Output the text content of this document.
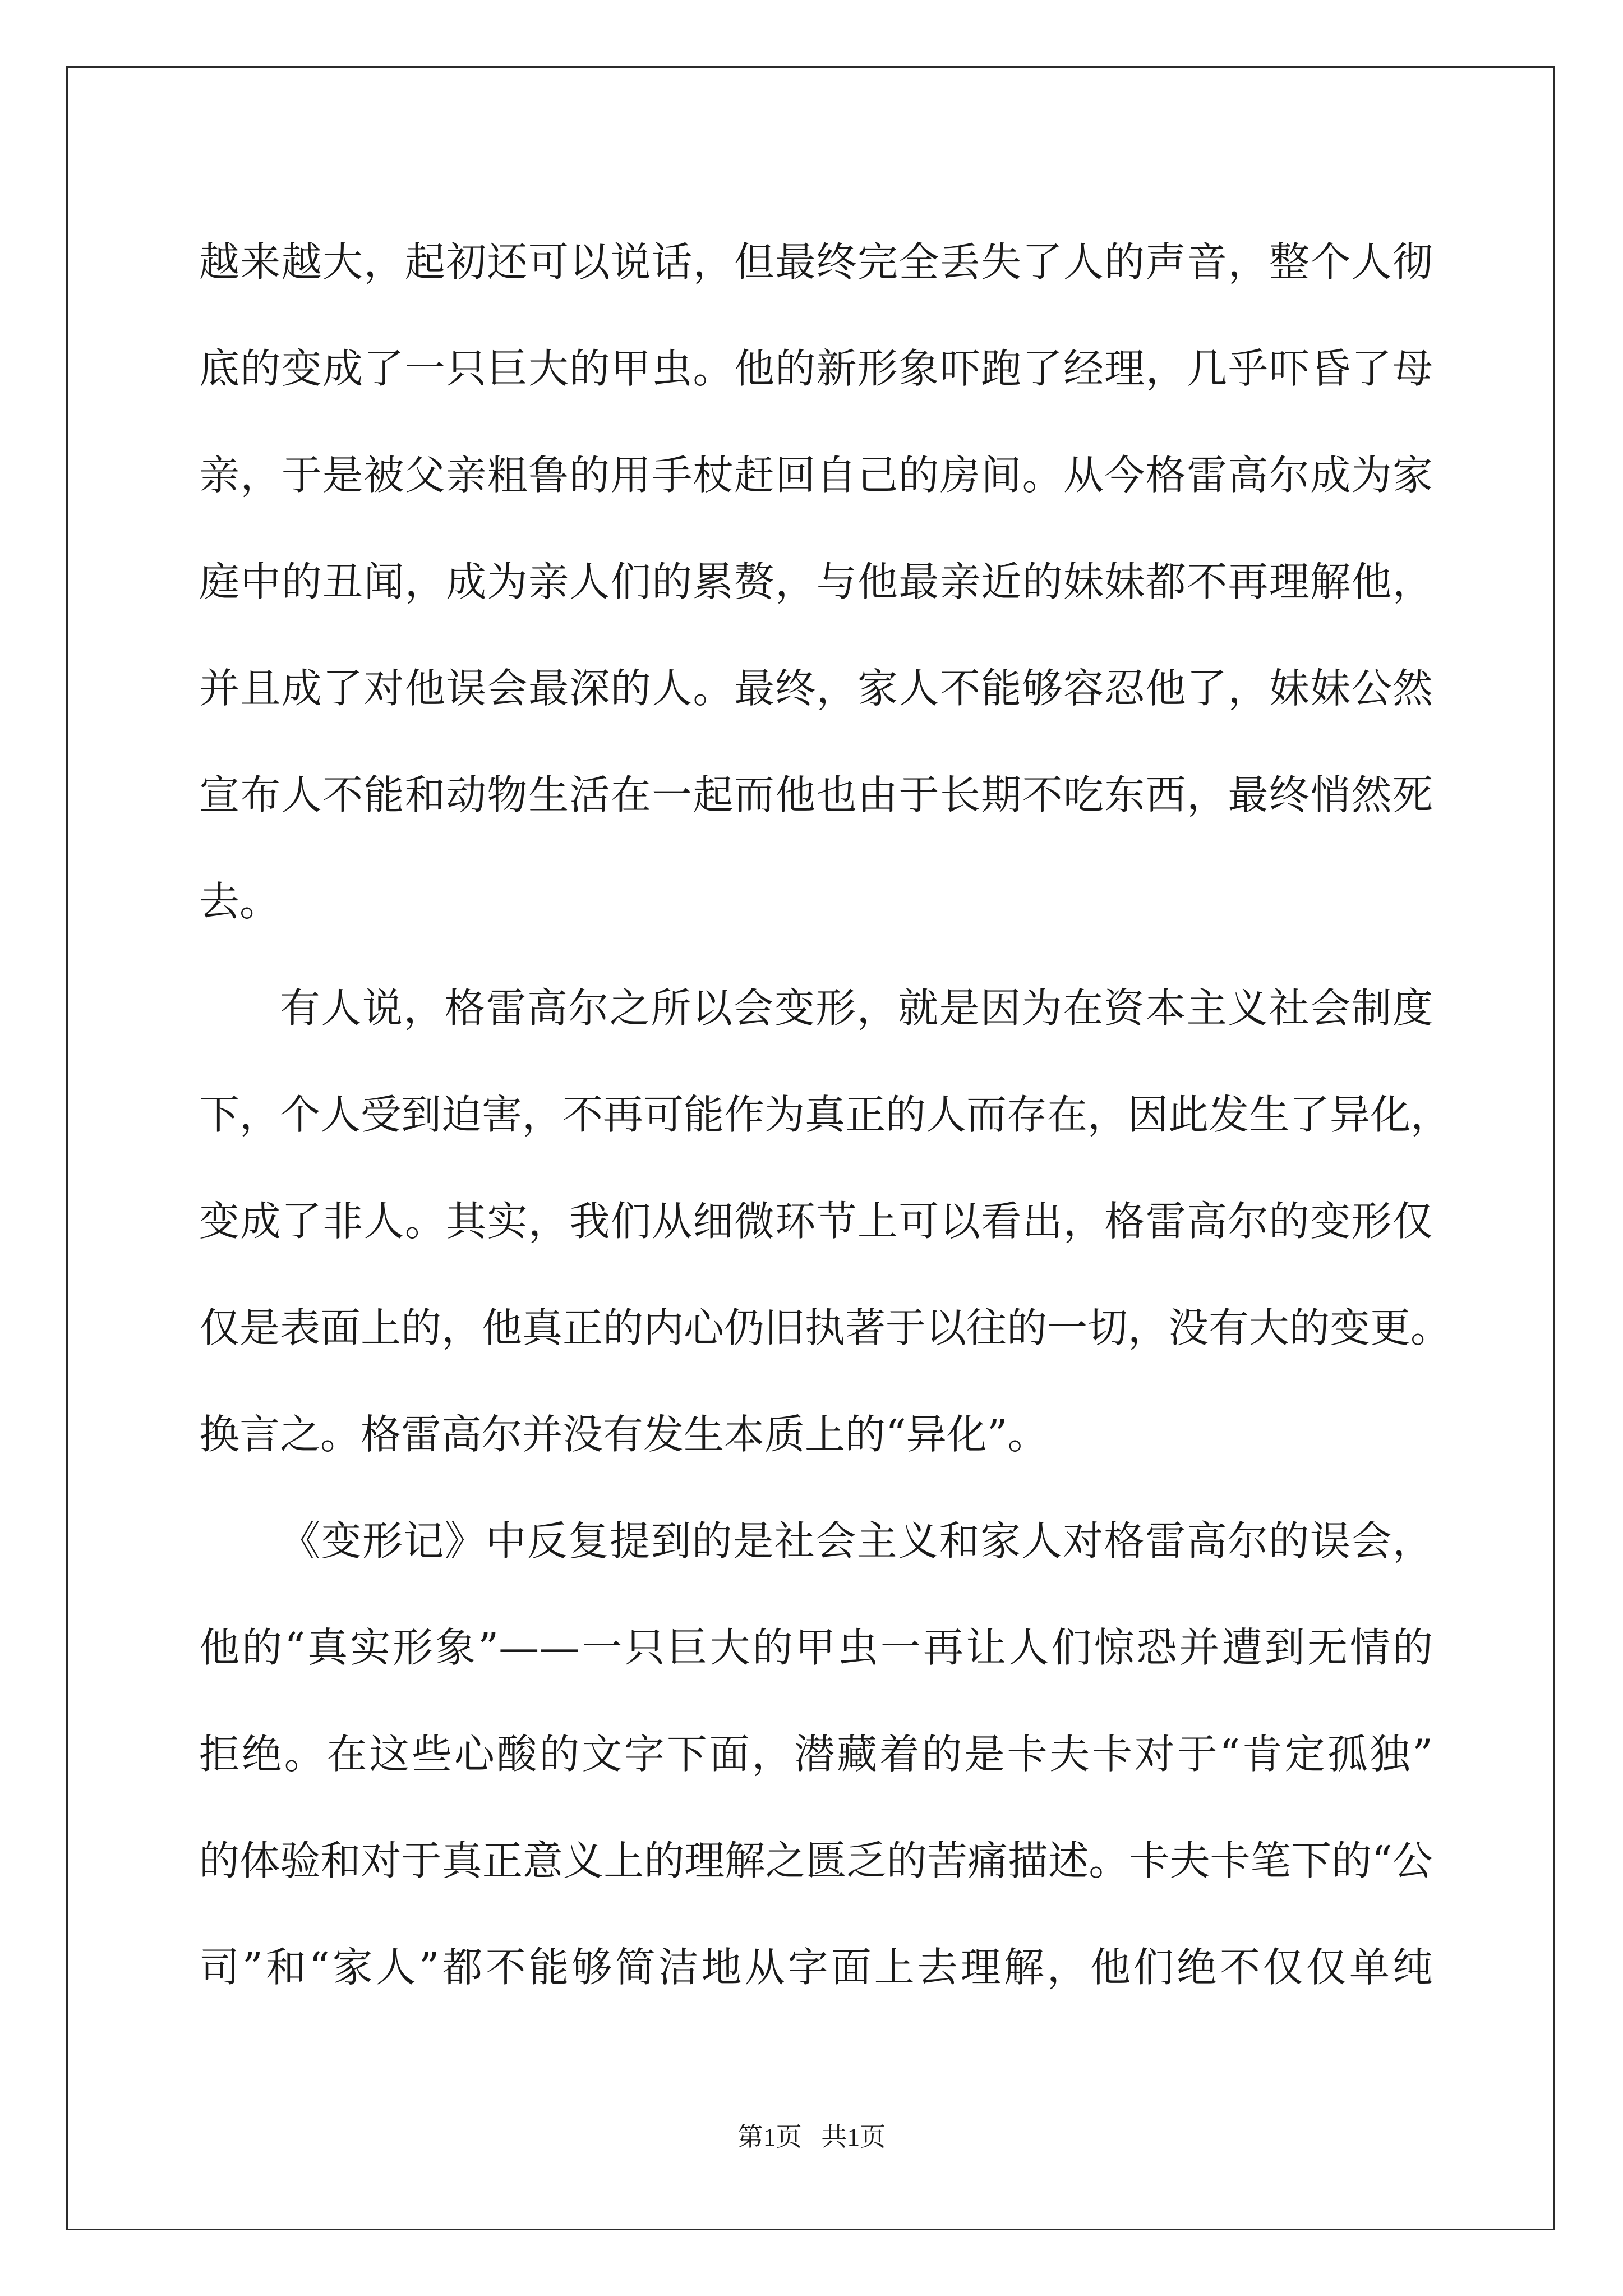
越来越大，起初还可以说话，但最终完全丢失了人的声音，整个人彻
底的变成了一只巨大的甲虫。他的新形象吓跑了经理，几乎吓昏了母
亲，于是被父亲粗鲁的用手杖赶回自己的房间。从今格雷高尔成为家
庭中的丑闻，成为亲人们的累赘，与他最亲近的妹妹都不再理解他，
并且成了对他误会最深的人。最终，家人不能够容忍他了，妹妹公然
宣布人不能和动物生活在一起而他也由于长期不吃东西，最终悄然死
去。
有人说，格雷高尔之所以会变形，就是因为在资本主义社会制度
下，个人受到迫害，不再可能作为真正的人而存在，因此发生了异化，
变成了非人。其实，我们从细微环节上可以看出，格雷高尔的变形仅
仅是表面上的，他真正的内心仍旧执著于以往的一切，没有大的变更。
换言之。格雷高尔并没有发生本质上的“异化”。
《变形记》中反复提到的是社会主义和家人对格雷高尔的误会，
他的“真实形象”——一只巨大的甲虫一再让人们惊恐并遭到无情的
拒绝。在这些心酸的文字下面，潜藏着的是卡夫卡对于“肯定孤独”
的体验和对于真正意义上的理解之匮乏的苦痛描述。卡夫卡笔下的“公
司”和“家人”都不能够简洁地从字面上去理解，他们绝不仅仅单纯
第1页 共1页
